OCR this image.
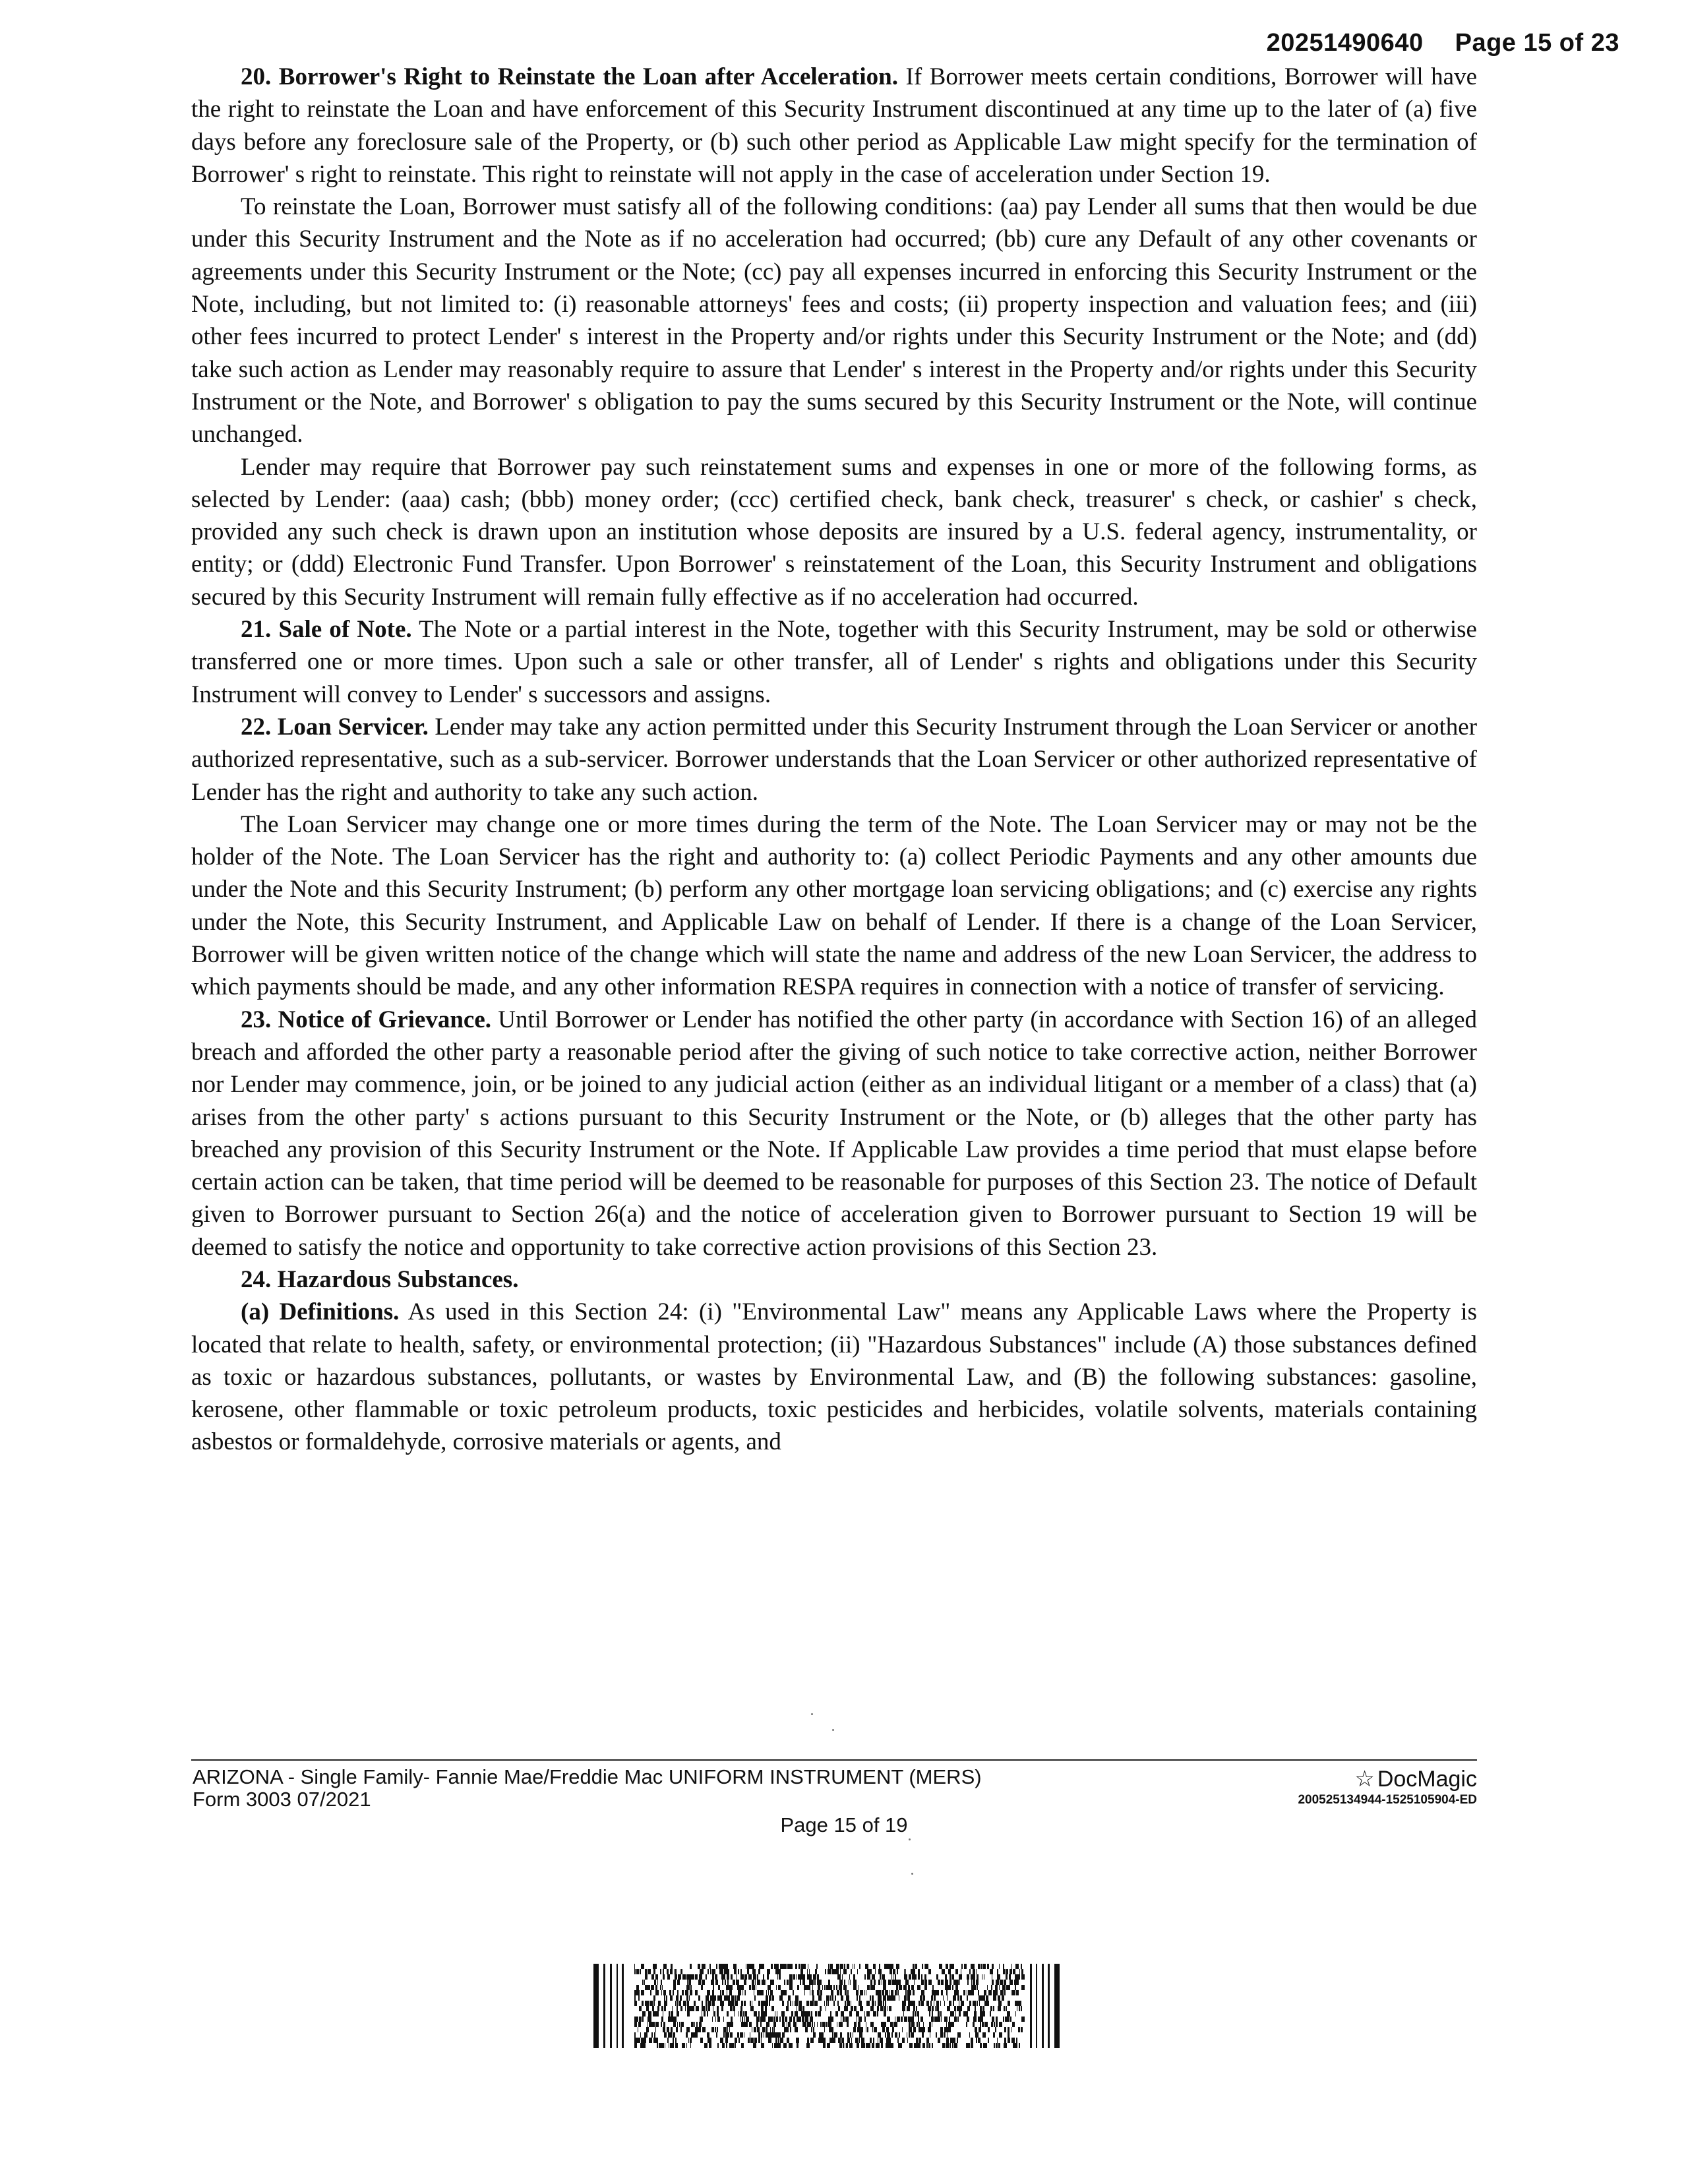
20251490640 Page 15 of 23

20. Borrower's Right to Reinstate the Loan after Acceleration. If Borrower meets certain conditions, Borrower will have the right to reinstate the Loan and have enforcement of this Security Instrument discontinued at any time up to the later of (a) five days before any foreclosure sale of the Property, or (b) such other period as Applicable Law might specify for the termination of Borrower' s right to reinstate. This right to reinstate will not apply in the case of acceleration under Section 19.

To reinstate the Loan, Borrower must satisfy all of the following conditions: (aa) pay Lender all sums that then would be due under this Security Instrument and the Note as if no acceleration had occurred; (bb) cure any Default of any other covenants or agreements under this Security Instrument or the Note; (cc) pay all expenses incurred in enforcing this Security Instrument or the Note, including, but not limited to: (i) reasonable attorneys' fees and costs; (ii) property inspection and valuation fees; and (iii) other fees incurred to protect Lender' s interest in the Property and/or rights under this Security Instrument or the Note; and (dd) take such action as Lender may reasonably require to assure that Lender' s interest in the Property and/or rights under this Security Instrument or the Note, and Borrower' s obligation to pay the sums secured by this Security Instrument or the Note, will continue unchanged.

Lender may require that Borrower pay such reinstatement sums and expenses in one or more of the following forms, as selected by Lender: (aaa) cash; (bbb) money order; (ccc) certified check, bank check, treasurer' s check, or cashier' s check, provided any such check is drawn upon an institution whose deposits are insured by a U.S. federal agency, instrumentality, or entity; or (ddd) Electronic Fund Transfer. Upon Borrower' s reinstatement of the Loan, this Security Instrument and obligations secured by this Security Instrument will remain fully effective as if no acceleration had occurred.

21. Sale of Note. The Note or a partial interest in the Note, together with this Security Instrument, may be sold or otherwise transferred one or more times. Upon such a sale or other transfer, all of Lender' s rights and obligations under this Security Instrument will convey to Lender' s successors and assigns.

22. Loan Servicer. Lender may take any action permitted under this Security Instrument through the Loan Servicer or another authorized representative, such as a sub-servicer. Borrower understands that the Loan Servicer or other authorized representative of Lender has the right and authority to take any such action.

The Loan Servicer may change one or more times during the term of the Note. The Loan Servicer may or may not be the holder of the Note. The Loan Servicer has the right and authority to: (a) collect Periodic Payments and any other amounts due under the Note and this Security Instrument; (b) perform any other mortgage loan servicing obligations; and (c) exercise any rights under the Note, this Security Instrument, and Applicable Law on behalf of Lender. If there is a change of the Loan Servicer, Borrower will be given written notice of the change which will state the name and address of the new Loan Servicer, the address to which payments should be made, and any other information RESPA requires in connection with a notice of transfer of servicing.

23. Notice of Grievance. Until Borrower or Lender has notified the other party (in accordance with Section 16) of an alleged breach and afforded the other party a reasonable period after the giving of such notice to take corrective action, neither Borrower nor Lender may commence, join, or be joined to any judicial action (either as an individual litigant or a member of a class) that (a) arises from the other party' s actions pursuant to this Security Instrument or the Note, or (b) alleges that the other party has breached any provision of this Security Instrument or the Note. If Applicable Law provides a time period that must elapse before certain action can be taken, that time period will be deemed to be reasonable for purposes of this Section 23. The notice of Default given to Borrower pursuant to Section 26(a) and the notice of acceleration given to Borrower pursuant to Section 19 will be deemed to satisfy the notice and opportunity to take corrective action provisions of this Section 23.

24. Hazardous Substances.

(a) Definitions. As used in this Section 24: (i) "Environmental Law" means any Applicable Laws where the Property is located that relate to health, safety, or environmental protection; (ii) "Hazardous Substances" include (A) those substances defined as toxic or hazardous substances, pollutants, or wastes by Environmental Law, and (B) the following substances: gasoline, kerosene, other flammable or toxic petroleum products, toxic pesticides and herbicides, volatile solvents, materials containing asbestos or formaldehyde, corrosive materials or agents, and

ARIZONA - Single Family- Fannie Mae/Freddie Mac UNIFORM INSTRUMENT (MERS)
Form 3003 07/2021
Page 15 of 19
☆ DocMagic
200525134944-1525105904-ED
